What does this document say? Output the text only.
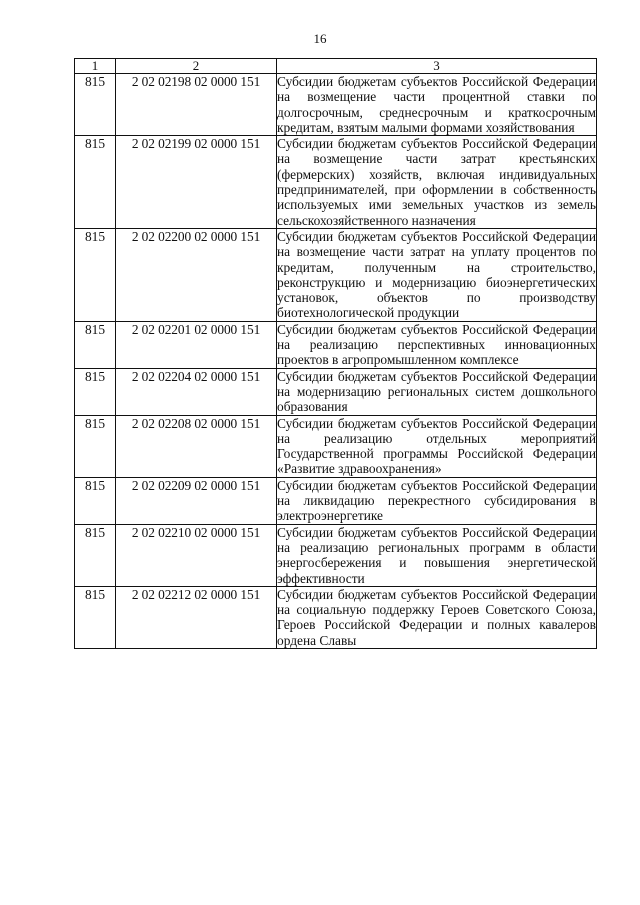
16
1	2	3
815	2 02 02198 02 0000 151	Субсидии бюджетам субъектов Российской Федерации на возмещение части процентной ставки по долгосрочным, среднесрочным и краткосрочным кредитам, взятым малыми формами хозяйствования
815	2 02 02199 02 0000 151	Субсидии бюджетам субъектов Российской Федерации на возмещение части затрат крестьянских (фермерских) хозяйств, включая индивидуальных предпринимателей, при оформлении в собственность используемых ими земельных участков из земель сельскохозяйственного назначения
815	2 02 02200 02 0000 151	Субсидии бюджетам субъектов Российской Федерации на возмещение части затрат на уплату процентов по кредитам, полученным на строительство, реконструкцию и модернизацию биоэнергетических установок, объектов по производству биотехнологической продукции
815	2 02 02201 02 0000 151	Субсидии бюджетам субъектов Российской Федерации на реализацию перспективных инновационных проектов в агропромышленном комплексе
815	2 02 02204 02 0000 151	Субсидии бюджетам субъектов Российской Федерации на модернизацию региональных систем дошкольного образования
815	2 02 02208 02 0000 151	Субсидии бюджетам субъектов Российской Федерации на реализацию отдельных мероприятий Государственной программы Российской Федерации «Развитие здравоохранения»
815	2 02 02209 02 0000 151	Субсидии бюджетам субъектов Российской Федерации на ликвидацию перекрестного субсидирования в электроэнергетике
815	2 02 02210 02 0000 151	Субсидии бюджетам субъектов Российской Федерации на реализацию региональных программ в области энергосбережения и повышения энергетической эффективности
815	2 02 02212 02 0000 151	Субсидии бюджетам субъектов Российской Федерации на социальную поддержку Героев Советского Союза, Героев Российской Федерации и полных кавалеров ордена Славы
